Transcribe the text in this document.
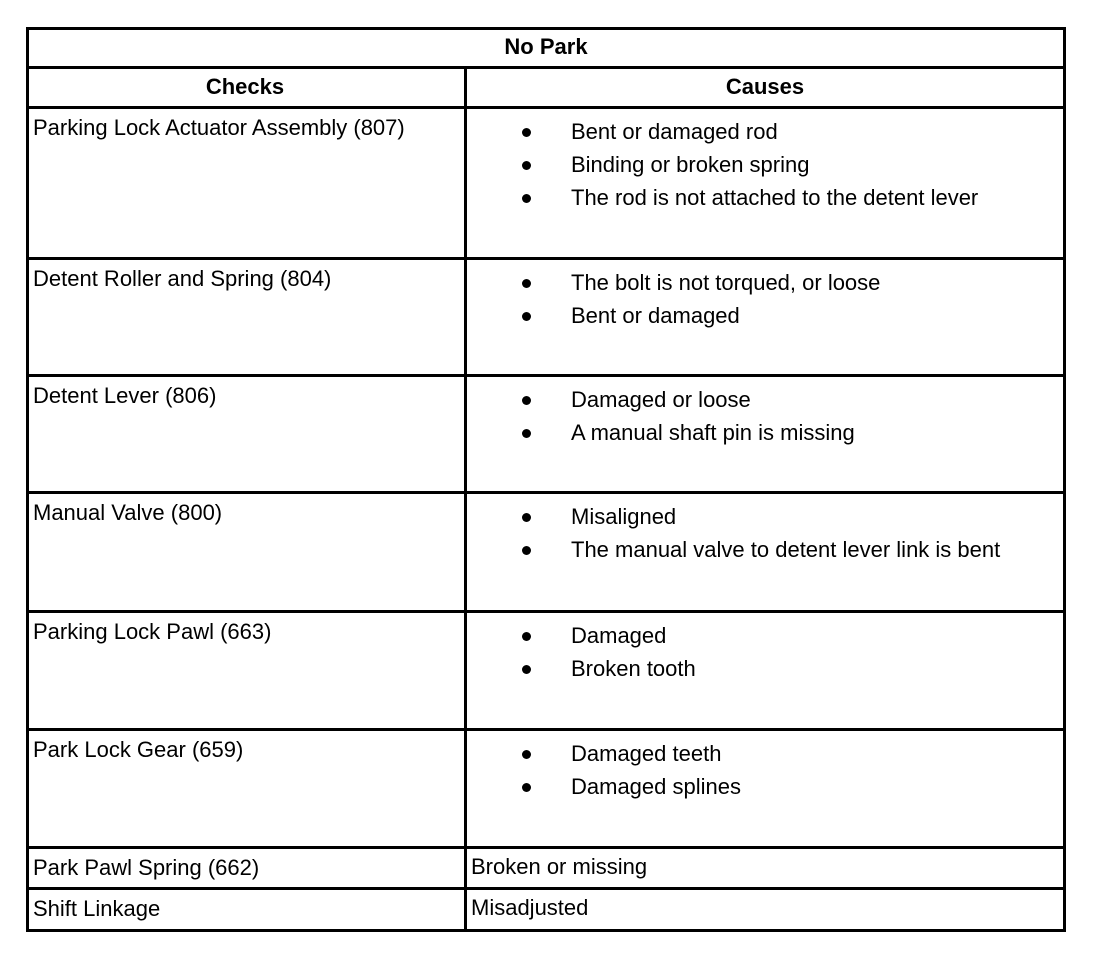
No Park
Checks	Causes
Parking Lock Actuator Assembly (807)	Bent or damaged rod
Binding or broken spring
The rod is not attached to the detent lever
Detent Roller and Spring (804)	The bolt is not torqued, or loose
Bent or damaged
Detent Lever (806)	Damaged or loose
A manual shaft pin is missing
Manual Valve (800)	Misaligned
The manual valve to detent lever link is bent
Parking Lock Pawl (663)	Damaged
Broken tooth
Park Lock Gear (659)	Damaged teeth
Damaged splines
Park Pawl Spring (662)	Broken or missing
Shift Linkage	Misadjusted
